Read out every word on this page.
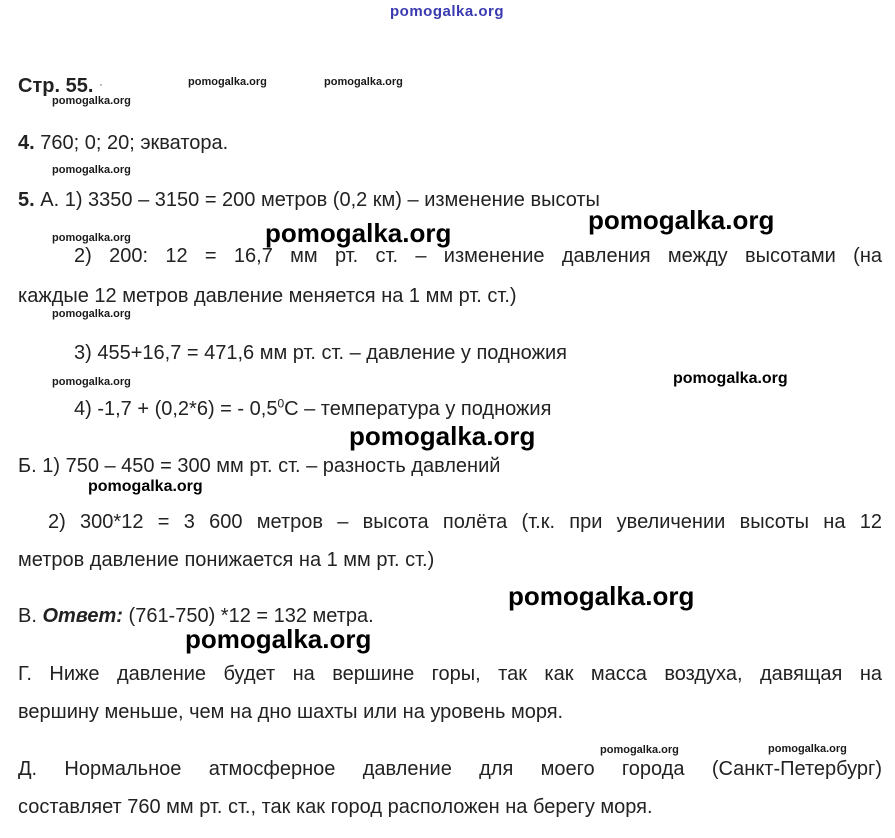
pomogalka.org
Стр. 55. ˑ	pomogalka.org	pomogalka.org
pomogalka.org
4. 760; 0; 20; экватора.
pomogalka.org
5. А. 1) 3350 – 3150 = 200 метров (0,2 км) – изменение высоты
pomogalka.org
pomogalka.org	pomogalka.org
2) 200: 12 = 16,7 мм рт. ст. – изменение давления между высотами (на
каждые 12 метров давление меняется на 1 мм рт. ст.)
pomogalka.org
3) 455+16,7 = 471,6 мм рт. ст. – давление у подножия
pomogalka.org	pomogalka.org
4) -1,7 + (0,2*6) = - $0,5^0С$ – температура у подножия
pomogalka.org
Б. 1) 750 – 450 = 300 мм рт. ст. – разность давлений
pomogalka.org
2) 300*12 = 3 600 метров – высота полёта (т.к. при увеличении высоты на 12
метров давление понижается на 1 мм рт. ст.)
pomogalka.org
В. Ответ: (761-750) *12 = 132 метра.
pomogalka.org
Г. Ниже давление будет на вершине горы, так как масса воздуха, давящая на
вершину меньше, чем на дно шахты или на уровень моря.
pomogalka.org	pomogalka.org
Д. Нормальное атмосферное давление для моего города (Санкт-Петербург)
составляет 760 мм рт. ст., так как город расположен на берегу моря.
